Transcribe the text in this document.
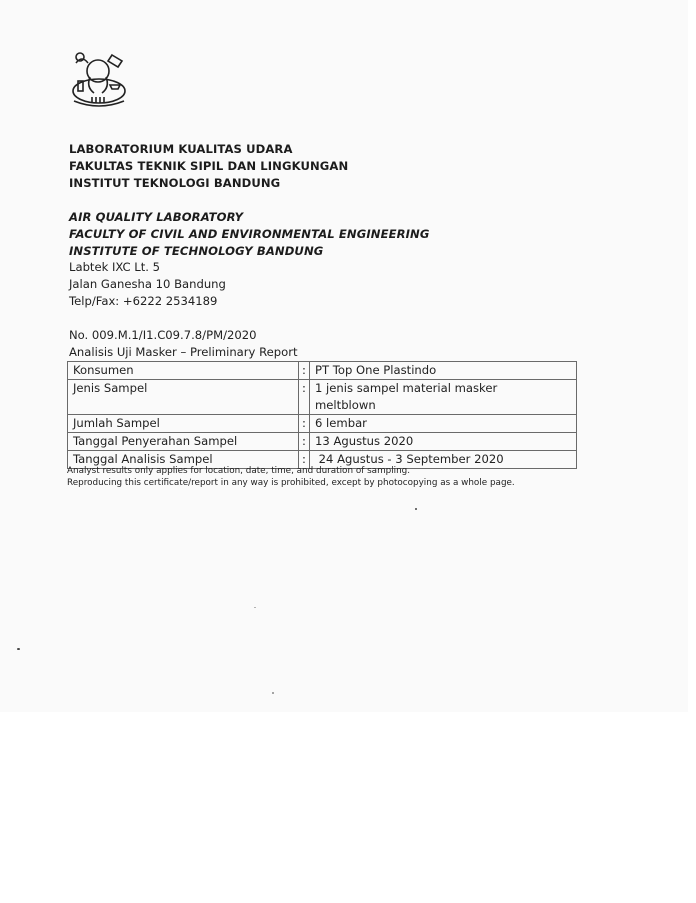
LABORATORIUM KUALITAS UDARA
FAKULTAS TEKNIK SIPIL DAN LINGKUNGAN
INSTITUT TEKNOLOGI BANDUNG
AIR QUALITY LABORATORY
FACULTY OF CIVIL AND ENVIRONMENTAL ENGINEERING
INSTITUTE OF TECHNOLOGY BANDUNG
Labtek IXC Lt. 5
Jalan Ganesha 10 Bandung
Telp/Fax: +6222 2534189
No. 009.M.1/I1.C09.7.8/PM/2020
Analisis Uji Masker – Preliminary Report
Konsumen	:	PT Top One Plastindo
Jenis Sampel	:	1 jenis sampel material masker meltblown
Jumlah Sampel	:	6 lembar
Tanggal Penyerahan Sampel	:	13 Agustus 2020
Tanggal Analisis Sampel	:	24 Agustus - 3 September 2020
Analyst results only applies for location, date, time, and duration of sampling.
Reproducing this certificate/report in any way is prohibited, except by photocopying as a whole page.
